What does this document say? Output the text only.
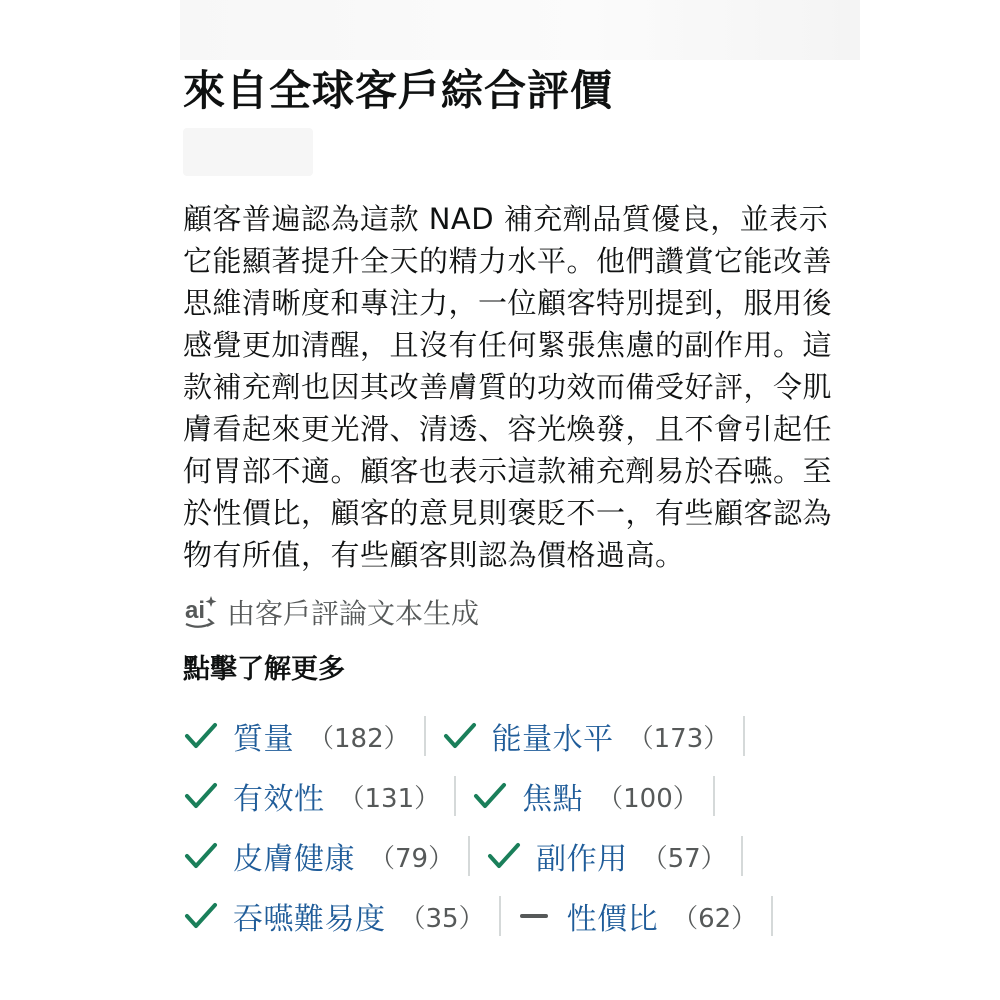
來自全球客戶綜合評價
顧客普遍認為這款 NAD 補充劑品質優良，並表示它能顯著提升全天的精力水平。他們讚賞它能改善思維清晰度和專注力，一位顧客特別提到，服用後感覺更加清醒，且沒有任何緊張焦慮的副作用。這款補充劑也因其改善膚質的功效而備受好評，令肌膚看起來更光滑、清透、容光煥發，且不會引起任何胃部不適。顧客也表示這款補充劑易於吞嚥。至於性價比，顧客的意見則褒貶不一，有些顧客認為物有所值，有些顧客則認為價格過高。
ai 由客戶評論文本生成
點擊了解更多
質量 （182）	能量水平 （173）
有效性 （131）	焦點 （100）
皮膚健康 （79）	副作用 （57）
吞嚥難易度 （35）	性價比 （62）
